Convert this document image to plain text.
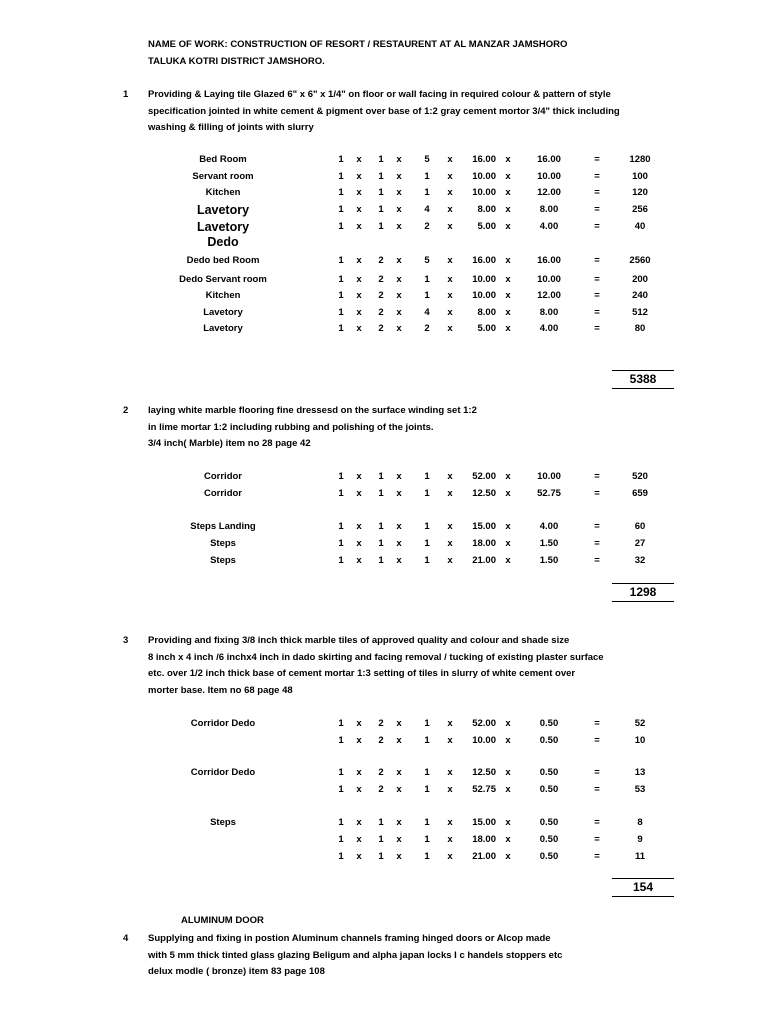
NAME OF WORK: CONSTRUCTION OF RESORT / RESTAURENT AT AL MANZAR JAMSHORO
TALUKA KOTRI DISTRICT JAMSHORO.
1 Providing & Laying tile Glazed 6" x 6" x 1/4" on floor or wall facing in required colour & pattern of style
specification jointed in white cement & pigment over base of 1:2 gray cement mortor 3/4" thick including
washing & filling of joints with slurry
Bed Room	1 x 1 x 5 x	16.00 x	16.00	=	1280
Servant room	1 x 1 x 1 x	10.00 x	10.00	=	100
Kitchen	1 x 1 x 1 x	10.00 x	12.00	=	120
Lavetory	1 x 1 x 4 x	8.00 x	8.00	=	256
Lavetory	1 x 1 x 2 x	5.00 x	4.00	=	40
Dedo
Dedo bed Room	1 x 2 x 5 x	16.00 x	16.00	=	2560
Dedo Servant room	1 x 2 x 1 x	10.00 x	10.00	=	200
Kitchen	1 x 2 x 1 x	10.00 x	12.00	=	240
Lavetory	1 x 2 x 4 x	8.00 x	8.00	=	512
Lavetory	1 x 2 x 2 x	5.00 x	4.00	=	80
5388
2 laying white marble flooring fine dressesd on the surface winding set 1:2
in lime mortar 1:2 including rubbing and polishing of the joints.
3/4 inch( Marble) item no 28 page 42
Corridor	1 x 1 x 1 x	52.00 x	10.00	=	520
Corridor	1 x 1 x 1 x	12.50 x	52.75	=	659
Steps Landing	1 x 1 x 1 x	15.00 x	4.00	=	60
Steps	1 x 1 x 1 x	18.00 x	1.50	=	27
Steps	1 x 1 x 1 x	21.00 x	1.50	=	32
1298
3 Providing and fixing 3/8 inch thick marble tiles of approved quality and colour and shade size
8 inch x 4 inch /6 inchx4 inch in dado skirting and facing removal / tucking of existing plaster surface
etc. over 1/2 inch thick base of cement mortar 1:3 setting of tiles in slurry of white cement over
morter base. Item no 68 page 48
Corridor Dedo	1 x 2 x 1 x	52.00 x	0.50	=	52
1 x 2 x 1 x	10.00 x	0.50	=	10
Corridor Dedo	1 x 2 x 1 x	12.50 x	0.50	=	13
1 x 2 x 1 x	52.75 x	0.50	=	53
Steps	1 x 1 x 1 x	15.00 x	0.50	=	8
1 x 1 x 1 x	18.00 x	0.50	=	9
1 x 1 x 1 x	21.00 x	0.50	=	11
154
4 Supplying and fixing in postion Aluminum channels framing hinged doors or Alcop made
with 5 mm thick tinted glass glazing Beligum and alpha japan locks I c handels stoppers etc
delux modle ( bronze) item 83 page 108
ALUMINUM DOOR
